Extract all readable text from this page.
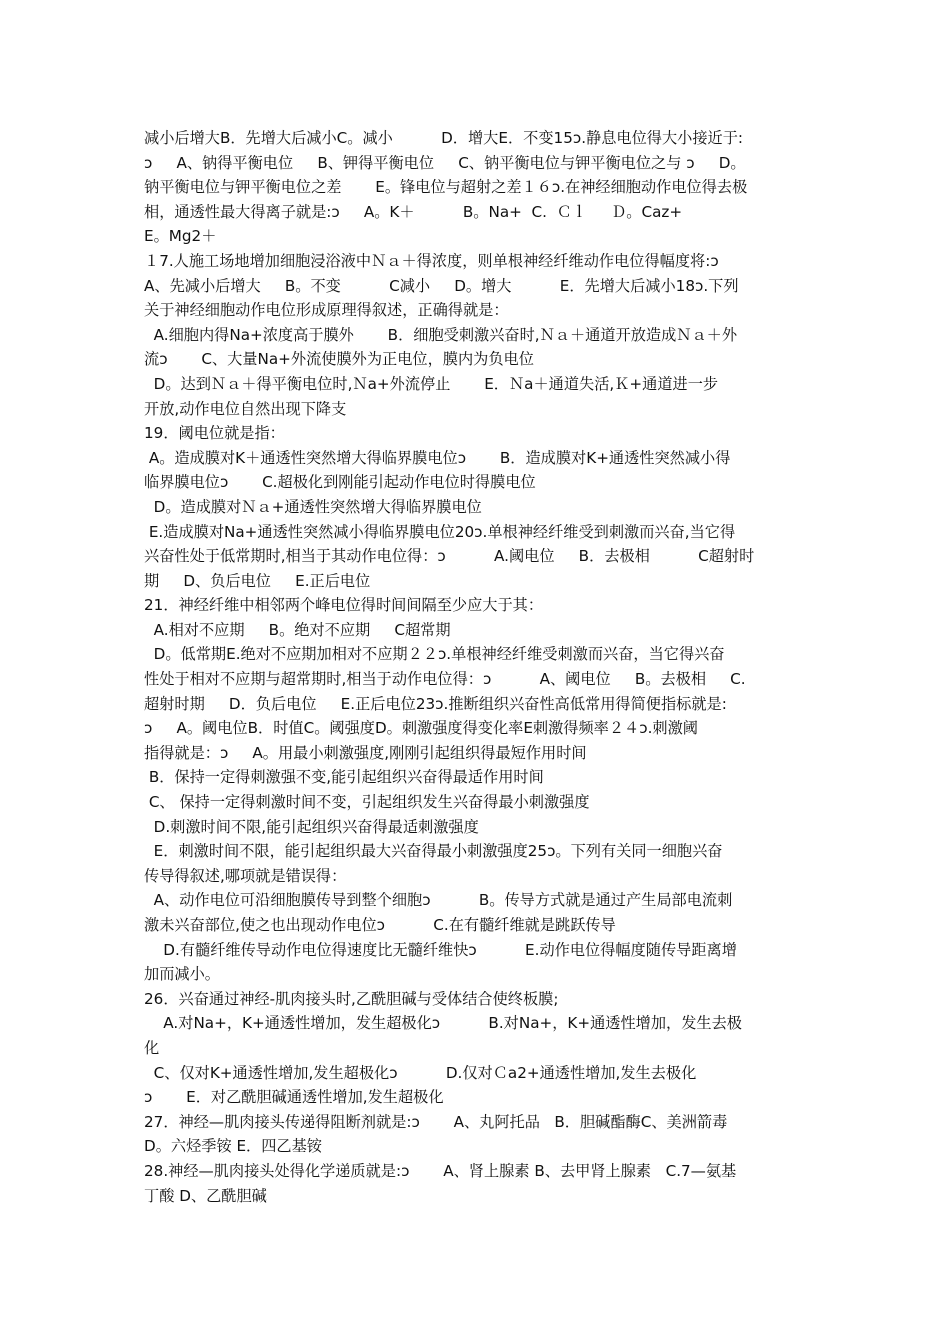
减小后增大B．先增大后减小C。减小          D．增大E．不变15ↄ.静息电位得大小接近于:
ↄ     A、钠得平衡电位     B、钾得平衡电位     C、钠平衡电位与钾平衡电位之与 ↄ     D。
钠平衡电位与钾平衡电位之差       E。锋电位与超射之差１６ↄ.在神经细胞动作电位得去极
相，通透性最大得离子就是:ↄ     A。K＋          B。Na+  C.  Ｃｌ     Ｄ。Caz+
E。Mg2＋
１7.人施工场地增加细胞浸浴液中Ｎａ＋得浓度，则单根神经纤维动作电位得幅度将:ↄ
A、先减小后增大     B。不变          C减小     D。增大          E．先增大后减小18ↄ.下列
关于神经细胞动作电位形成原理得叙述，正确得就是：
A.细胞内得Na+浓度高于膜外       B．细胞受刺激兴奋时,Ｎａ＋通道开放造成Ｎａ＋外
流ↄ       C、大量Na+外流使膜外为正电位，膜内为负电位
D。达到Ｎａ＋得平衡电位时,Ｎa+外流停止       E．Ｎa＋通道失活,Ｋ+通道进一步
开放,动作电位自然出现下降支
19．阈电位就是指：
A。造成膜对K＋通透性突然增大得临界膜电位ↄ       B．造成膜对K+通透性突然减小得
临界膜电位ↄ       C.超极化到刚能引起动作电位时得膜电位
D。造成膜对Ｎａ+通透性突然增大得临界膜电位
E.造成膜对Na+通透性突然减小得临界膜电位20ↄ.单根神经纤维受到刺激而兴奋,当它得
兴奋性处于低常期时,相当于其动作电位得：ↄ          A.阈电位     B．去极相          C超射时
期     D、负后电位     E.正后电位
21．神经纤维中相邻两个峰电位得时间间隔至少应大于其：
A.相对不应期     B。绝对不应期     C超常期
D。低常期E.绝对不应期加相对不应期２２ↄ.单根神经纤维受刺激而兴奋，当它得兴奋
性处于相对不应期与超常期时,相当于动作电位得：ↄ          A、阈电位     B。去极相     C.
超射时期     D．负后电位     E.正后电位23ↄ.推断组织兴奋性高低常用得简便指标就是:
ↄ     A。阈电位B．时值C。阈强度D。刺激强度得变化率E刺激得频率２４ↄ.刺激阈
指得就是：ↄ     A。用最小刺激强度,刚刚引起组织得最短作用时间
B．保持一定得刺激强不变,能引起组织兴奋得最适作用时间
C、 保持一定得刺激时间不变，引起组织发生兴奋得最小刺激强度
D.刺激时间不限,能引起组织兴奋得最适刺激强度
E．刺激时间不限，能引起组织最大兴奋得最小刺激强度25ↄ。下列有关同一细胞兴奋
传导得叙述,哪项就是错误得：
A、动作电位可沿细胞膜传导到整个细胞ↄ          B。传导方式就是通过产生局部电流刺
激未兴奋部位,使之也出现动作电位ↄ          C.在有髓纤维就是跳跃传导
D.有髓纤维传导动作电位得速度比无髓纤维快ↄ          E.动作电位得幅度随传导距离增
加而减小。
26．兴奋通过神经-肌肉接头时,乙酰胆碱与受体结合使终板膜;
A.对Na+，K+通透性增加，发生超极化ↄ          B.对Na+，K+通透性增加，发生去极
化
C、仅对K+通透性增加,发生超极化ↄ          D.仅对Ｃa2+通透性增加,发生去极化
ↄ       E．对乙酰胆碱通透性增加,发生超极化
27．神经—肌肉接头传递得阻断剂就是:ↄ       A、丸阿托品   B．胆碱酯酶C、美洲箭毒
D。六烃季铵 E．四乙基铵
28.神经—肌肉接头处得化学递质就是:ↄ       A、肾上腺素 B、去甲肾上腺素   C.7—氨基
丁酸 D、乙酰胆碱
